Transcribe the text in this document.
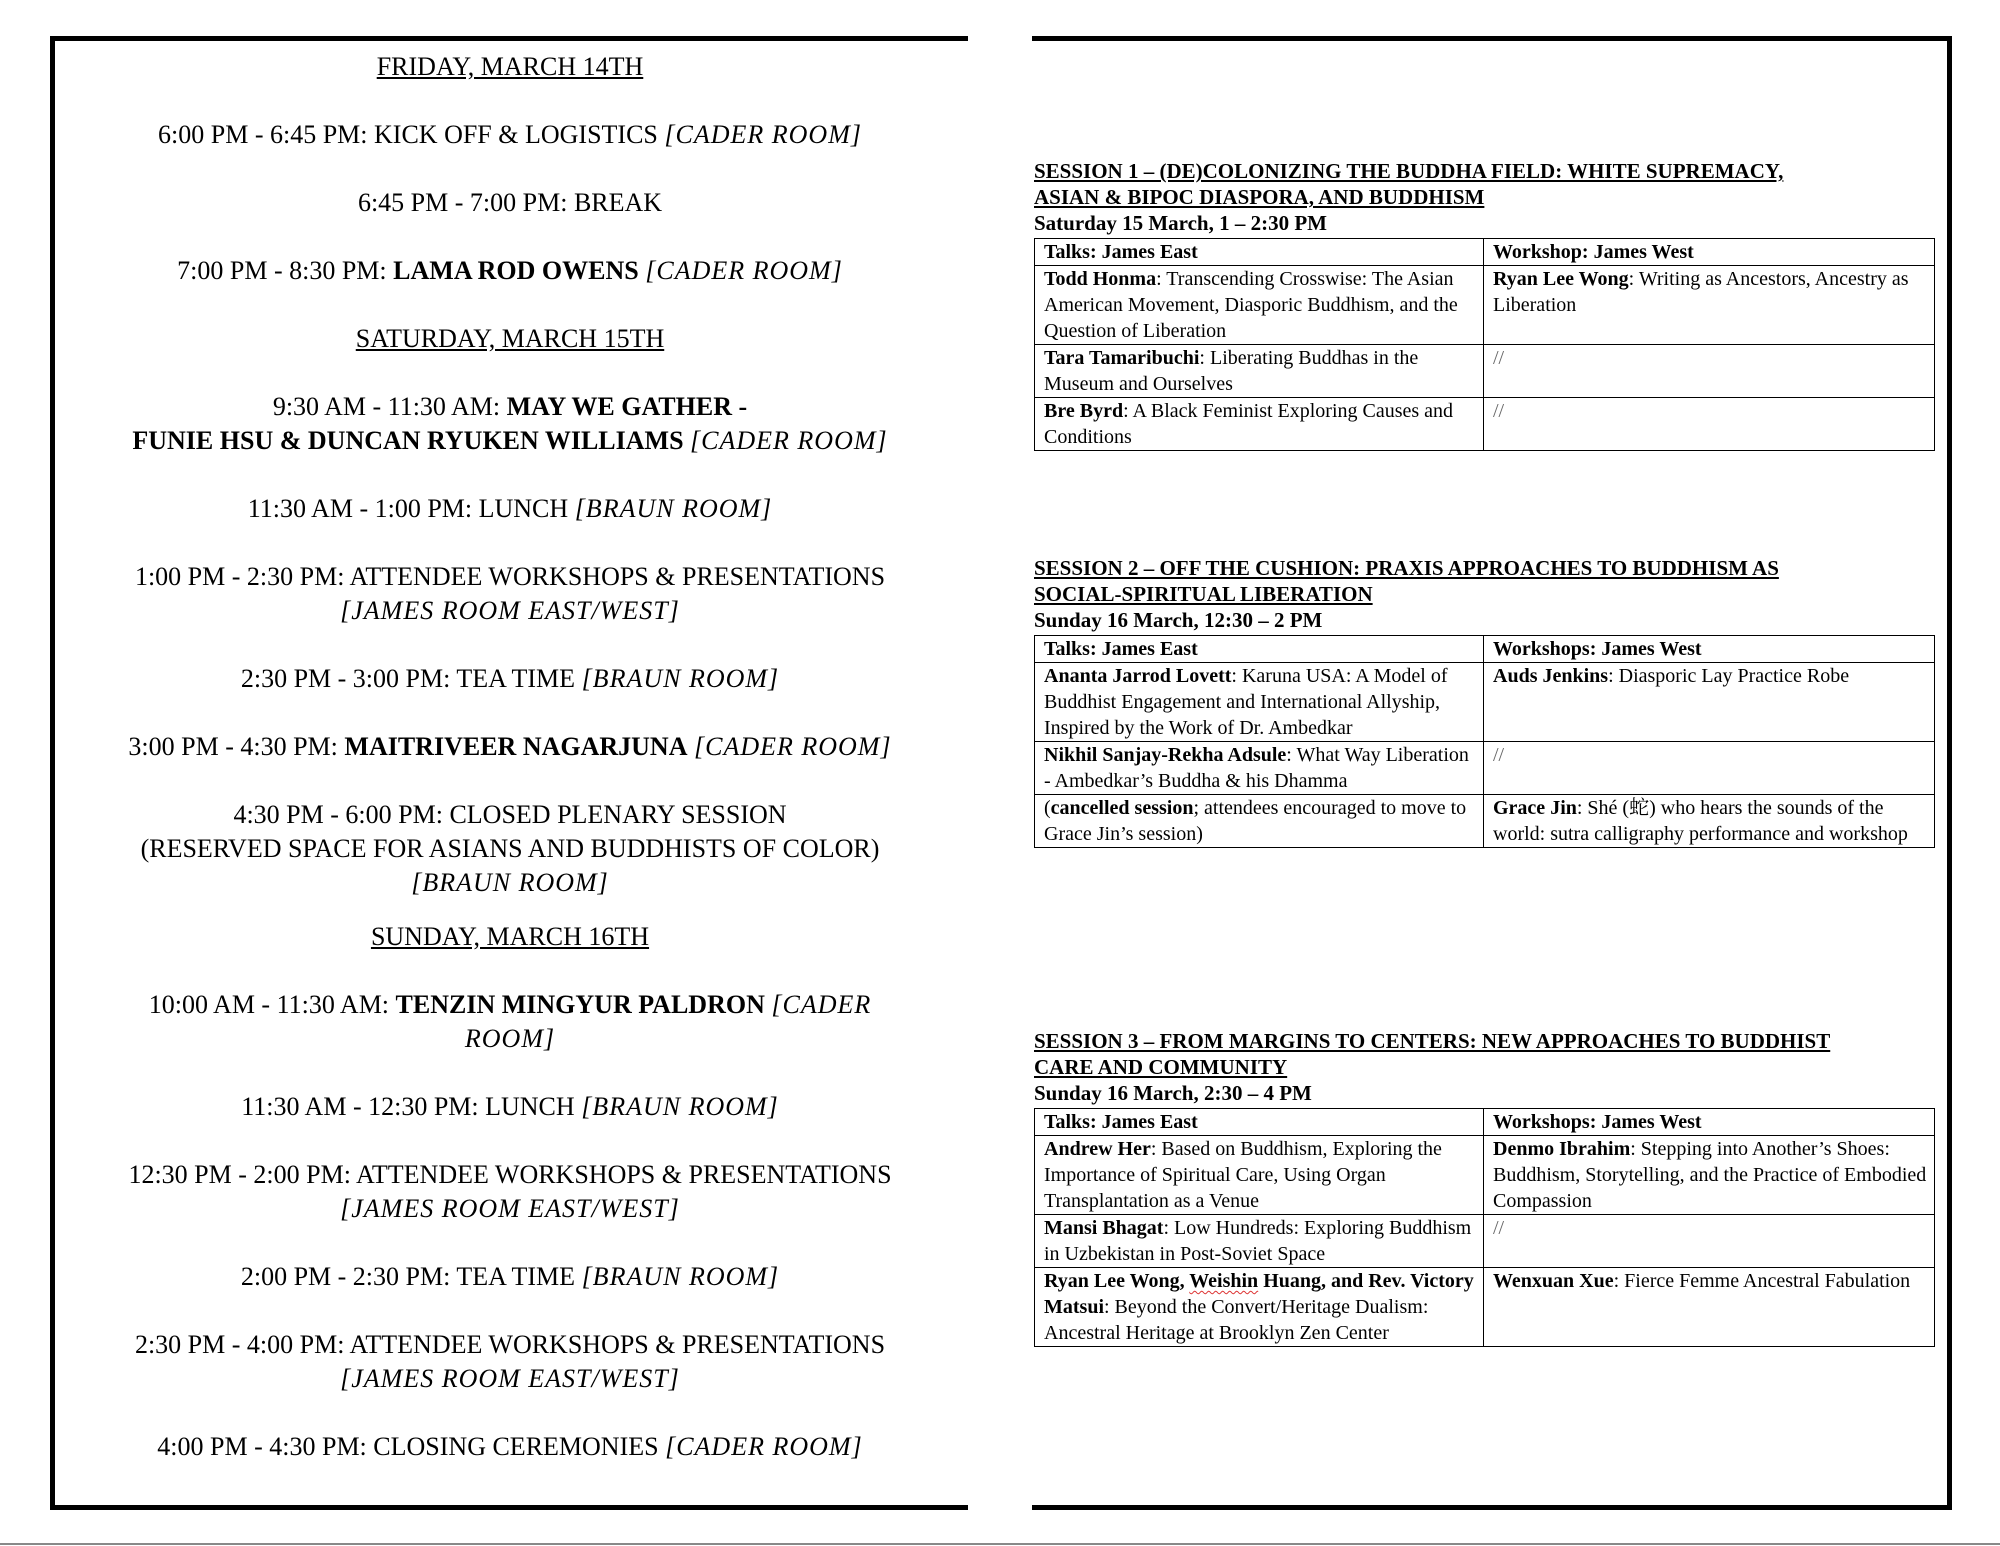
FRIDAY, MARCH 14TH

6:00 PM - 6:45 PM: KICK OFF & LOGISTICS [CADER ROOM]

6:45 PM - 7:00 PM: BREAK

7:00 PM - 8:30 PM: LAMA ROD OWENS [CADER ROOM]

SATURDAY, MARCH 15TH

9:30 AM - 11:30 AM: MAY WE GATHER -
FUNIE HSU & DUNCAN RYUKEN WILLIAMS [CADER ROOM]

11:30 AM - 1:00 PM: LUNCH [BRAUN ROOM]

1:00 PM - 2:30 PM: ATTENDEE WORKSHOPS & PRESENTATIONS
[JAMES ROOM EAST/WEST]

2:30 PM - 3:00 PM: TEA TIME [BRAUN ROOM]

3:00 PM - 4:30 PM: MAITRIVEER NAGARJUNA [CADER ROOM]

4:30 PM - 6:00 PM: CLOSED PLENARY SESSION
(RESERVED SPACE FOR ASIANS AND BUDDHISTS OF COLOR)
[BRAUN ROOM]

SUNDAY, MARCH 16TH

10:00 AM - 11:30 AM: TENZIN MINGYUR PALDRON [CADER
ROOM]

11:30 AM - 12:30 PM: LUNCH [BRAUN ROOM]

12:30 PM - 2:00 PM: ATTENDEE WORKSHOPS & PRESENTATIONS
[JAMES ROOM EAST/WEST]

2:00 PM - 2:30 PM: TEA TIME [BRAUN ROOM]

2:30 PM - 4:00 PM: ATTENDEE WORKSHOPS & PRESENTATIONS
[JAMES ROOM EAST/WEST]

4:00 PM - 4:30 PM: CLOSING CEREMONIES [CADER ROOM]

SESSION 1 – (DE)COLONIZING THE BUDDHA FIELD: WHITE SUPREMACY,
ASIAN & BIPOC DIASPORA, AND BUDDHISM

Saturday 15 March, 1 – 2:30 PM

Talks: James East	Workshop: James West
Todd Honma: Transcending Crosswise: The Asian American Movement, Diasporic Buddhism, and the Question of Liberation	Ryan Lee Wong: Writing as Ancestors, Ancestry as Liberation
Tara Tamaribuchi: Liberating Buddhas in the Museum and Ourselves	//
Bre Byrd: A Black Feminist Exploring Causes and Conditions	//

SESSION 2 – OFF THE CUSHION: PRAXIS APPROACHES TO BUDDHISM AS
SOCIAL-SPIRITUAL LIBERATION

Sunday 16 March, 12:30 – 2 PM

Talks: James East	Workshops: James West
Ananta Jarrod Lovett: Karuna USA: A Model of Buddhist Engagement and International Allyship, Inspired by the Work of Dr. Ambedkar	Auds Jenkins: Diasporic Lay Practice Robe
Nikhil Sanjay-Rekha Adsule: What Way Liberation - Ambedkar’s Buddha & his Dhamma	//
(cancelled session; attendees encouraged to move to Grace Jin’s session)	Grace Jin: Shé (蛇) who hears the sounds of the world: sutra calligraphy performance and workshop

SESSION 3 – FROM MARGINS TO CENTERS: NEW APPROACHES TO BUDDHIST
CARE AND COMMUNITY

Sunday 16 March, 2:30 – 4 PM

Talks: James East	Workshops: James West
Andrew Her: Based on Buddhism, Exploring the Importance of Spiritual Care, Using Organ Transplantation as a Venue	Denmo Ibrahim: Stepping into Another’s Shoes: Buddhism, Storytelling, and the Practice of Embodied Compassion
Mansi Bhagat: Low Hundreds: Exploring Buddhism in Uzbekistan in Post-Soviet Space	//
Ryan Lee Wong, Weishin Huang, and Rev. Victory Matsui: Beyond the Convert/Heritage Dualism: Ancestral Heritage at Brooklyn Zen Center	Wenxuan Xue: Fierce Femme Ancestral Fabulation
